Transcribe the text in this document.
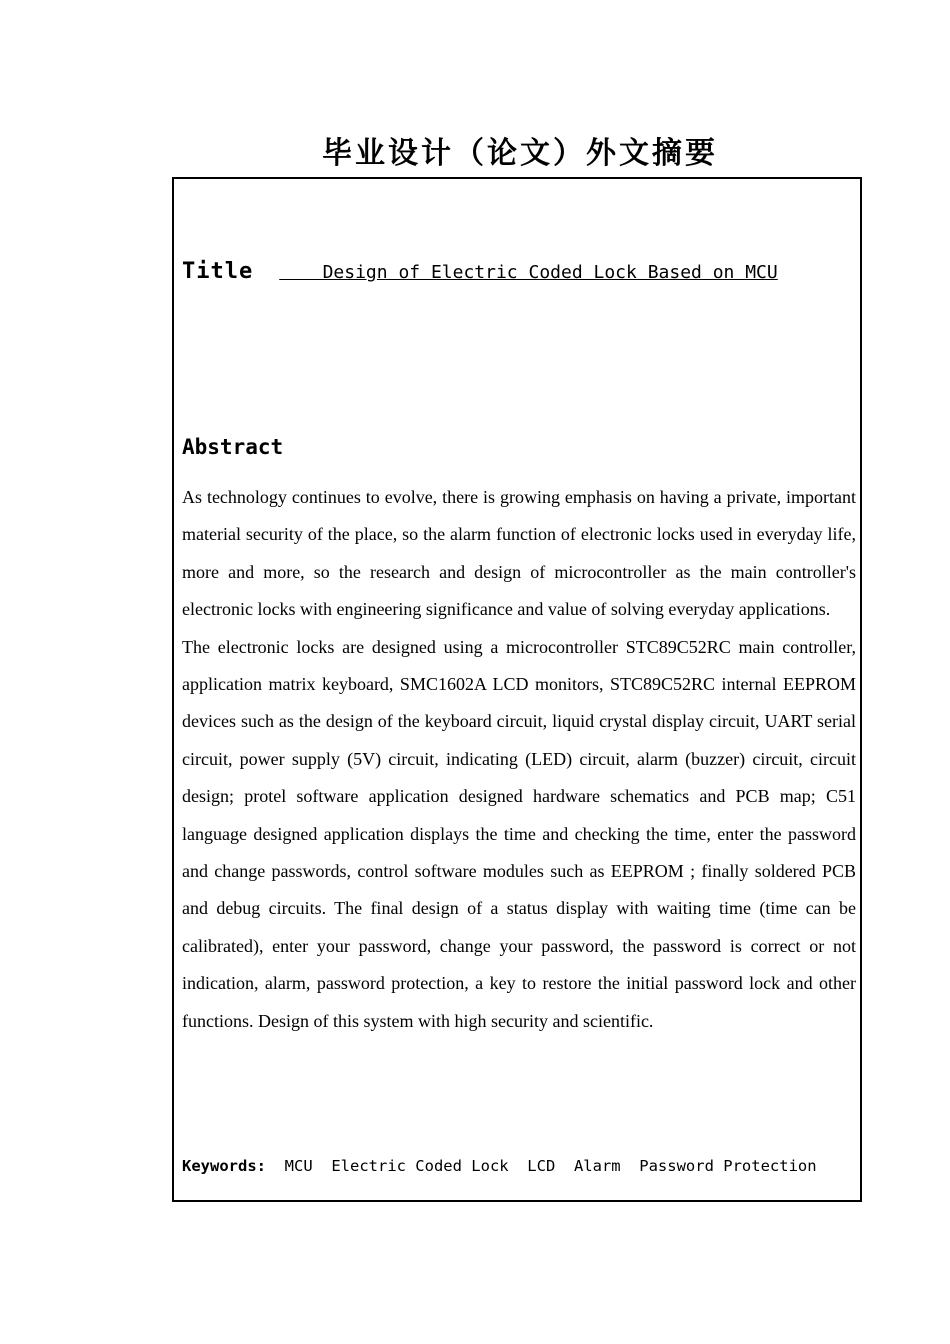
毕业设计（论文）外文摘要
Title Design of Electric Coded Lock Based on MCU
Abstract

As technology continues to evolve, there is growing emphasis on having a private, important material security of the place, so the alarm function of electronic locks used in everyday life, more and more, so the research and design of microcontroller as the main controller's electronic locks with engineering significance and value of solving everyday applications.

The electronic locks are designed using a microcontroller STC89C52RC main controller, application matrix keyboard, SMC1602A LCD monitors, STC89C52RC internal EEPROM devices such as the design of the keyboard circuit, liquid crystal display circuit, UART serial circuit, power supply (5V) circuit, indicating (LED) circuit, alarm (buzzer) circuit, circuit design; protel software application designed hardware schematics and PCB map; C51 language designed application displays the time and checking the time, enter the password and change passwords, control software modules such as EEPROM ; finally soldered PCB and debug circuits. The final design of a status display with waiting time (time can be calibrated), enter your password, change your password, the password is correct or not indication, alarm, password protection, a key to restore the initial password lock and other functions. Design of this system with high security and scientific.

Keywords:  MCU  Electric Coded Lock  LCD  Alarm  Password Protection
